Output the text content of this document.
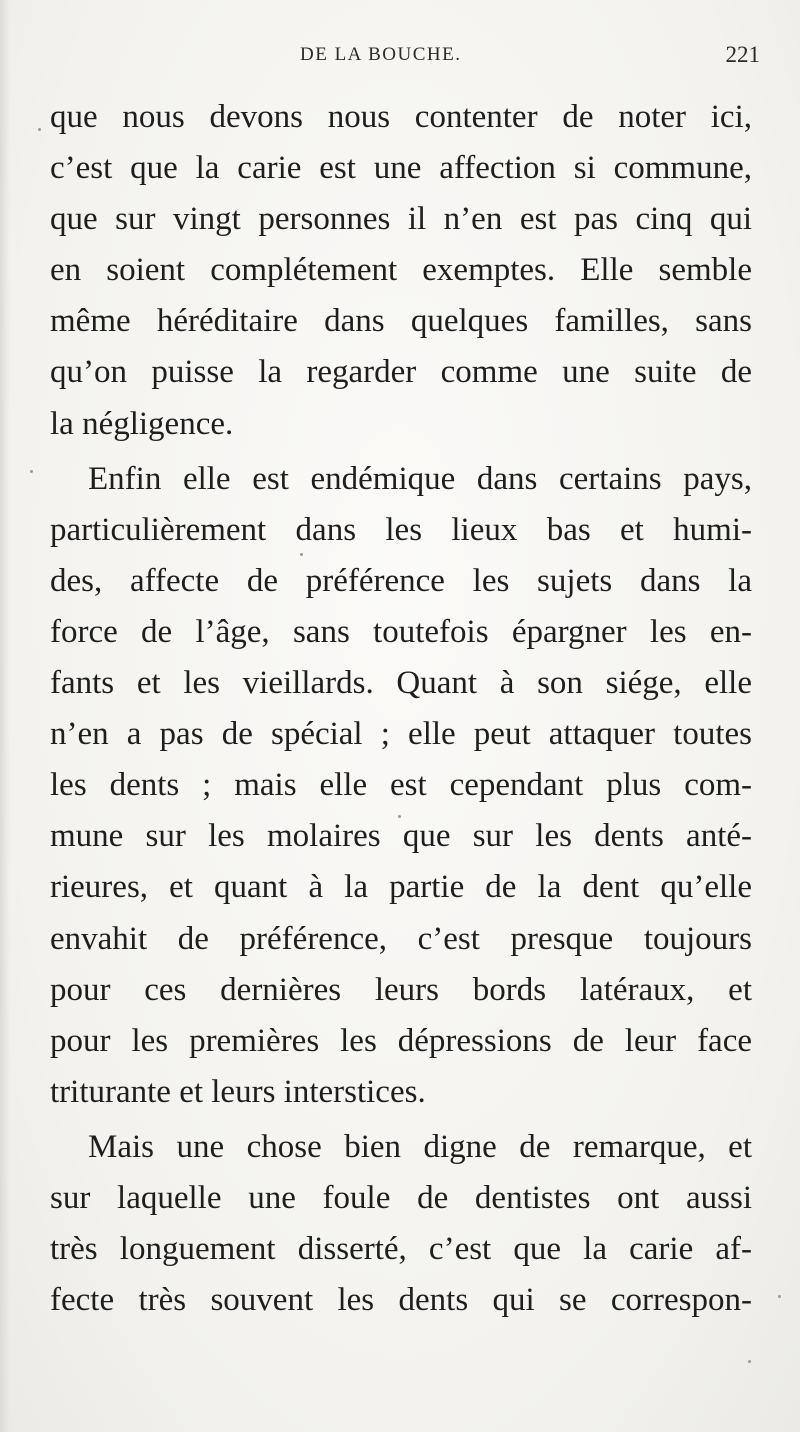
DE LA BOUCHE.	221
que nous devons nous contenter de noter ici,
c’est que la carie est une affection si commune,
que sur vingt personnes il n’en est pas cinq qui
en soient complétement exemptes. Elle semble
même héréditaire dans quelques familles, sans
qu’on puisse la regarder comme une suite de
la négligence.
Enfin elle est endémique dans certains pays,
particulièrement dans les lieux bas et humi-
des, affecte de préférence les sujets dans la
force de l’âge, sans toutefois épargner les en-
fants et les vieillards. Quant à son siége, elle
n’en a pas de spécial ; elle peut attaquer toutes
les dents ; mais elle est cependant plus com-
mune sur les molaires que sur les dents anté-
rieures, et quant à la partie de la dent qu’elle
envahit de préférence, c’est presque toujours
pour ces dernières leurs bords latéraux, et
pour les premières les dépressions de leur face
triturante et leurs interstices.
Mais une chose bien digne de remarque, et
sur laquelle une foule de dentistes ont aussi
très longuement disserté, c’est que la carie af-
fecte très souvent les dents qui se correspon-
